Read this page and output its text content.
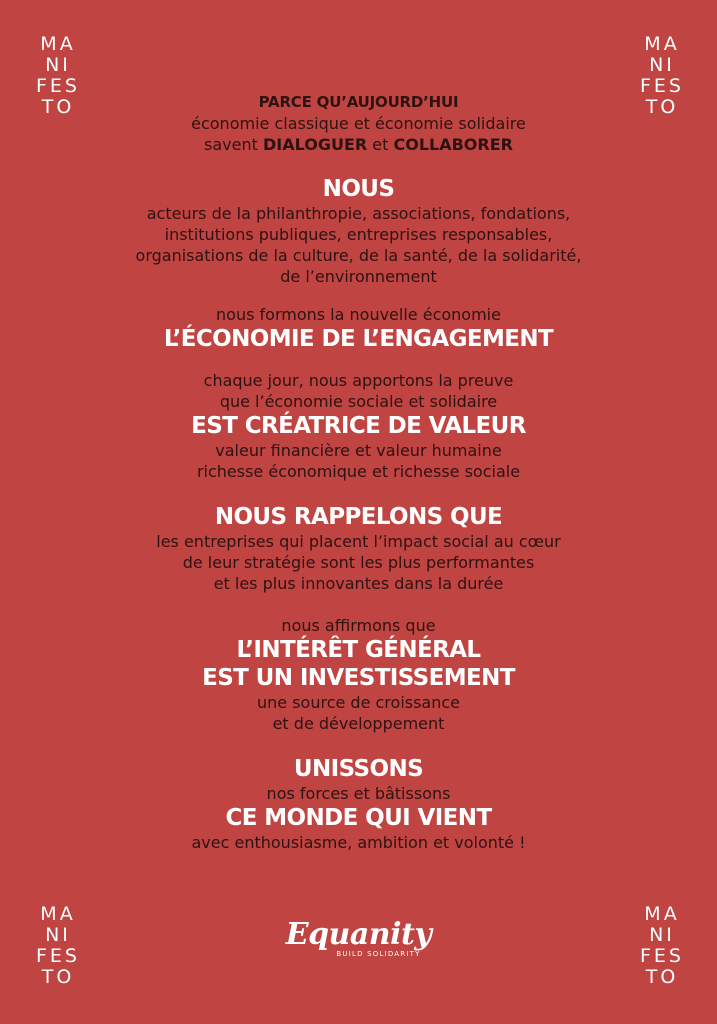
MA
NI
FES
TO
MA
NI
FES
TO
MA
NI
FES
TO
MA
NI
FES
TO
PARCE QU’AUJOURD’HUI
économie classique et économie solidaire
savent DIALOGUER et COLLABORER
NOUS
acteurs de la philanthropie, associations, fondations,
institutions publiques, entreprises responsables,
organisations de la culture, de la santé, de la solidarité,
de l’environnement
nous formons la nouvelle économie
L’ÉCONOMIE DE L’ENGAGEMENT
chaque jour, nous apportons la preuve
que l’économie sociale et solidaire
EST CRÉATRICE DE VALEUR
valeur financière et valeur humaine
richesse économique et richesse sociale
NOUS RAPPELONS QUE
les entreprises qui placent l’impact social au cœur
de leur stratégie sont les plus performantes
et les plus innovantes dans la durée
nous affirmons que
L’INTÉRÊT GÉNÉRAL
EST UN INVESTISSEMENT
une source de croissance
et de développement
UNISSONS
nos forces et bâtissons
CE MONDE QUI VIENT
avec enthousiasme, ambition et volonté !
Equanity
BUILD SOLIDARITY
